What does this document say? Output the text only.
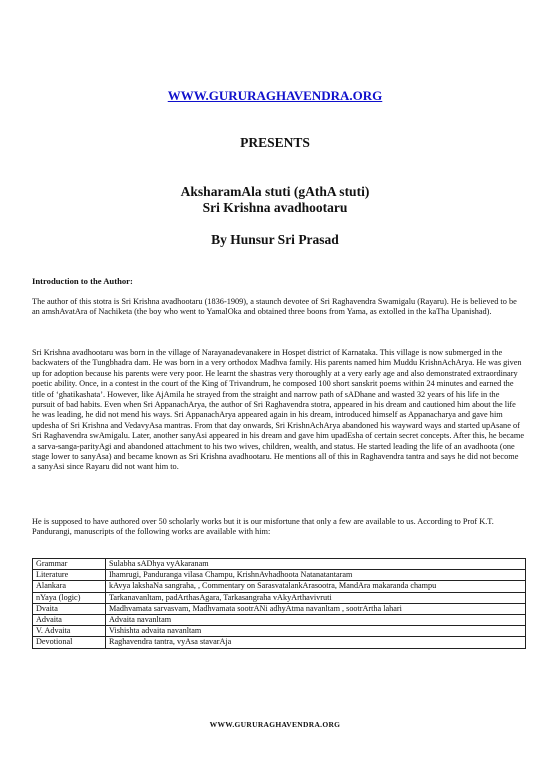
WWW.GURURAGHAVENDRA.ORG
PRESENTS
AksharamAla stuti (gAthA stuti)
Sri Krishna avadhootaru
By Hunsur Sri Prasad
Introduction to the Author:

The author of this stotra is Sri Krishna avadhootaru (1836-1909), a staunch devotee of Sri Raghavendra Swamigalu (Rayaru). He is believed to be an amshAvatAra of Nachiketa (the boy who went to YamalOka and obtained three boons from Yama, as extolled in the kaTha Upanishad).

Sri Krishna avadhootaru was born in the village of Narayanadevanakere in Hospet district of Karnataka. This village is now submerged in the backwaters of the Tungbhadra dam. He was born in a very orthodox Madhva family. His parents named him Muddu KrishnAchArya. He was given up for adoption because his parents were very poor. He learnt the shastras very thoroughly at a very early age and also demonstrated extraordinary poetic ability. Once, in a contest in the court of the King of Trivandrum, he composed 100 short sanskrit poems within 24 minutes and earned the title of ‘ghatikashata’. However, like AjAmila he strayed from the straight and narrow path of sADhane and wasted 32 years of his life in the pursuit of bad habits. Even when Sri AppanachArya, the author of Sri Raghavendra stotra, appeared in his dream and cautioned him about the life he was leading, he did not mend his ways. Sri AppanachArya appeared again in his dream, introduced himself as Appanacharya and gave him updesha of Sri Krishna and VedavyAsa mantras. From that day onwards, Sri KrishnAchArya abandoned his wayward ways and started upAsane of Sri Raghavendra swAmigalu. Later, another sanyAsi appeared in his dream and gave him upadEsha of certain secret concepts. After this, he became a sarva-sanga-parityAgi and abandoned attachment to his two wives, children, wealth, and status. He started leading the life of an avadhoota (one stage lower to sanyAsa) and became known as Sri Krishna avadhootaru. He mentions all of this in Raghavendra tantra and says he did not become a sanyAsi since Rayaru did not want him to.

He is supposed to have authored over 50 scholarly works but it is our misfortune that only a few are available to us. According to Prof K.T. Pandurangi, manuscripts of the following works are available with him:

Grammar	Sulabha sADhya vyAkaranam
Literature	Ihamrugi, Panduranga vilasa Champu, KrishnAvhadhoota Natanatantaram
Alankara	kAvya lakshaNa sangraha, , Commentary on SarasvatalankArasootra, MandAra makaranda champu
nYaya (logic)	Tarkanavanltam, padArthasAgara, Tarkasangraha vAkyArthavivruti
Dvaita	Madhvamata sarvasvam, Madhvamata sootrANi adhyAtma navanltam , sootrArtha lahari
Advaita	Advaita navanltam
V. Advaita	Vishishta advaita navanltam
Devotional	Raghavendra tantra, vyAsa stavarAja
WWW.GURURAGHAVENDRA.ORG
